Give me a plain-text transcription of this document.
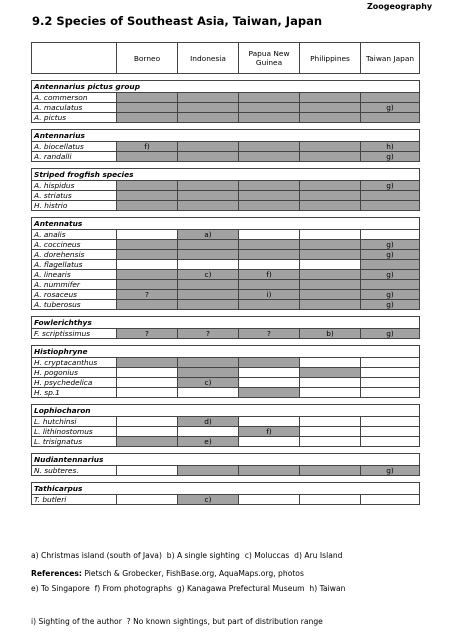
Zoogeography
9.2 Species of Southeast Asia, Taiwan, Japan
	Borneo	Indonesia	Papua New Guinea	Philippines	Taiwan Japan

Antennarius pictus group					
A. commerson					
A. maculatus					g)
A. pictus					

Antennarius					
A. biocellatus	f)				h)
A. randalli					g)

Striped frogfish species					
A. hispidus					g)
A. striatus					
H. histrio					

Antennatus					
A. analis		a)			
A. coccineus					g)
A. dorehensis					g)
A. flagellatus					
A. linearis		c)	f)		g)
A. nummifer					
A. rosaceus	?		i)		g)
A. tuberosus					g)

Fowlerichthys					
F. scriptissimus	?	?	?	b)	g)

Histiophryne					
H. cryptacanthus					
H. pogonius					
H. psychedelica		c)			
H. sp.1					

Lophiocharon					
L. hutchinsi		d)			
L. lithinostomus			f)		
L. trisignatus		e)			

Nudiantennarius					
N. subteres.					g)

Tathicarpus					
T. butleri		c)			

a) Christmas island (south of Java)  b) A single sighting  c) Moluccas  d) Aru Island

e) To Singapore  f) From photographs  g) Kanagawa Prefectural Museum  h) Taiwan

i) Sighting of the author  ? No known sightings, but part of distribution range

References: Pietsch & Grobecker, FishBase.org, AquaMaps.org, photos
